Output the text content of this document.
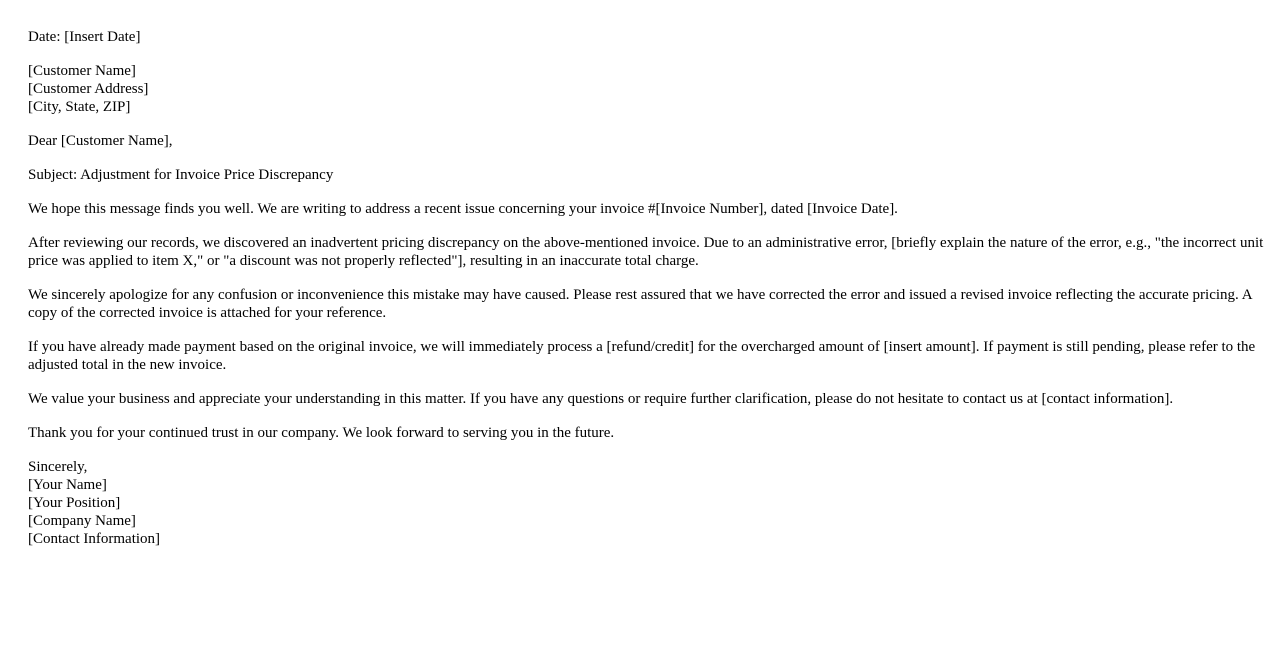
Date: [Insert Date]
[Customer Name]
[Customer Address]
[City, State, ZIP]
Dear [Customer Name],
Subject: Adjustment for Invoice Price Discrepancy
We hope this message finds you well. We are writing to address a recent issue concerning your invoice #[Invoice Number], dated [Invoice Date].
After reviewing our records, we discovered an inadvertent pricing discrepancy on the above-mentioned invoice. Due to an administrative error, [briefly explain the nature of the error, e.g., "the incorrect unit price was applied to item X," or "a discount was not properly reflected"], resulting in an inaccurate total charge.
We sincerely apologize for any confusion or inconvenience this mistake may have caused. Please rest assured that we have corrected the error and issued a revised invoice reflecting the accurate pricing. A copy of the corrected invoice is attached for your reference.
If you have already made payment based on the original invoice, we will immediately process a [refund/credit] for the overcharged amount of [insert amount]. If payment is still pending, please refer to the adjusted total in the new invoice.
We value your business and appreciate your understanding in this matter. If you have any questions or require further clarification, please do not hesitate to contact us at [contact information].
Thank you for your continued trust in our company. We look forward to serving you in the future.
Sincerely,
[Your Name]
[Your Position]
[Company Name]
[Contact Information]
